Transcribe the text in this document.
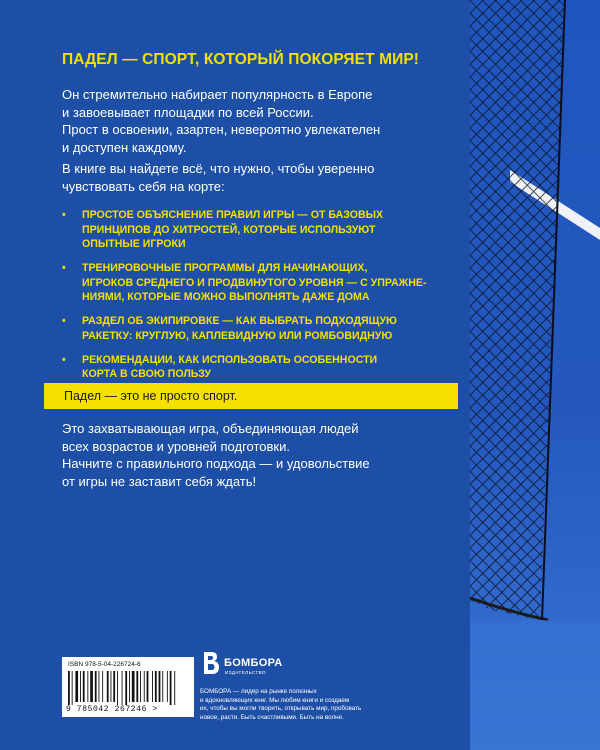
ПАДЕЛ — СПОРТ, КОТОРЫЙ ПОКОРЯЕТ МИР!
Он стремительно набирает популярность в Европе
и завоевывает площадки по всей России.
Прост в освоении, азартен, невероятно увлекателен
и доступен каждому.
В книге вы найдете всё, что нужно, чтобы уверенно
чувствовать себя на корте:
• ПРОСТОЕ ОБЪЯСНЕНИЕ ПРАВИЛ ИГРЫ — ОТ БАЗОВЫХ
ПРИНЦИПОВ ДО ХИТРОСТЕЙ, КОТОРЫЕ ИСПОЛЬЗУЮТ
ОПЫТНЫЕ ИГРОКИ
• ТРЕНИРОВОЧНЫЕ ПРОГРАММЫ ДЛЯ НАЧИНАЮЩИХ,
ИГРОКОВ СРЕДНЕГО И ПРОДВИНУТОГО УРОВНЯ — С УПРАЖНЕ-
НИЯМИ, КОТОРЫЕ МОЖНО ВЫПОЛНЯТЬ ДАЖЕ ДОМА
• РАЗДЕЛ ОБ ЭКИПИРОВКЕ — КАК ВЫБРАТЬ ПОДХОДЯЩУЮ
РАКЕТКУ: КРУГЛУЮ, КАПЛЕВИДНУЮ ИЛИ РОМБОВИДНУЮ
• РЕКОМЕНДАЦИИ, КАК ИСПОЛЬЗОВАТЬ ОСОБЕННОСТИ
КОРТА В СВОЮ ПОЛЬЗУ
Падел — это не просто спорт.
Это захватывающая игра, объединяющая людей
всех возрастов и уровней подготовки.
Начните с правильного подхода — и удовольствие
от игры не заставит себя ждать!
ISBN 978-5-04-226724-6
9 785042 267246 >
БОМБОРА
ИЗДАТЕЛЬСТВО
БОМБОРА — лидер на рынке полезных
и вдохновляющих книг. Мы любим книги и создаем
их, чтобы вы могли творить, открывать мир, пробовать
новое, расти. Быть счастливыми. Быть на волне.
